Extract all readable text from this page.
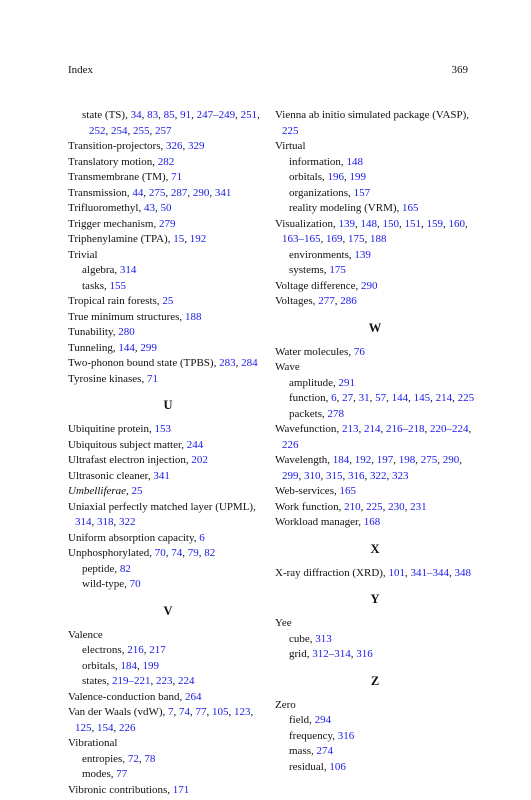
Index	369
state (TS), 34, 83, 85, 91, 247–249, 251, 252, 254, 255, 257
Transition-projectors, 326, 329
Translatory motion, 282
Transmembrane (TM), 71
Transmission, 44, 275, 287, 290, 341
Trifluoromethyl, 43, 50
Trigger mechanism, 279
Triphenylamine (TPA), 15, 192
Trivial
algebra, 314
tasks, 155
Tropical rain forests, 25
True minimum structures, 188
Tunability, 280
Tunneling, 144, 299
Two-phonon bound state (TPBS), 283, 284
Tyrosine kinases, 71
U
Ubiquitine protein, 153
Ubiquitous subject matter, 244
Ultrafast electron injection, 202
Ultrasonic cleaner, 341
Umbelliferae, 25
Uniaxial perfectly matched layer (UPML), 314, 318, 322
Uniform absorption capacity, 6
Unphosphorylated, 70, 74, 79, 82
peptide, 82
wild-type, 70
V
Valence
electrons, 216, 217
orbitals, 184, 199
states, 219–221, 223, 224
Valence-conduction band, 264
Van der Waals (vdW), 7, 74, 77, 105, 123, 125, 154, 226
Vibrational
entropies, 72, 78
modes, 77
Vibronic contributions, 171
Vienna ab initio simulated package (VASP), 225
Virtual
information, 148
orbitals, 196, 199
organizations, 157
reality modeling (VRM), 165
Visualization, 139, 148, 150, 151, 159, 160, 163–165, 169, 175, 188
environments, 139
systems, 175
Voltage difference, 290
Voltages, 277, 286
W
Water molecules, 76
Wave
amplitude, 291
function, 6, 27, 31, 57, 144, 145, 214, 225
packets, 278
Wavefunction, 213, 214, 216–218, 220–224, 226
Wavelength, 184, 192, 197, 198, 275, 290, 299, 310, 315, 316, 322, 323
Web-services, 165
Work function, 210, 225, 230, 231
Workload manager, 168
X
X-ray diffraction (XRD), 101, 341–344, 348
Y
Yee
cube, 313
grid, 312–314, 316
Z
Zero
field, 294
frequency, 316
mass, 274
residual, 106
